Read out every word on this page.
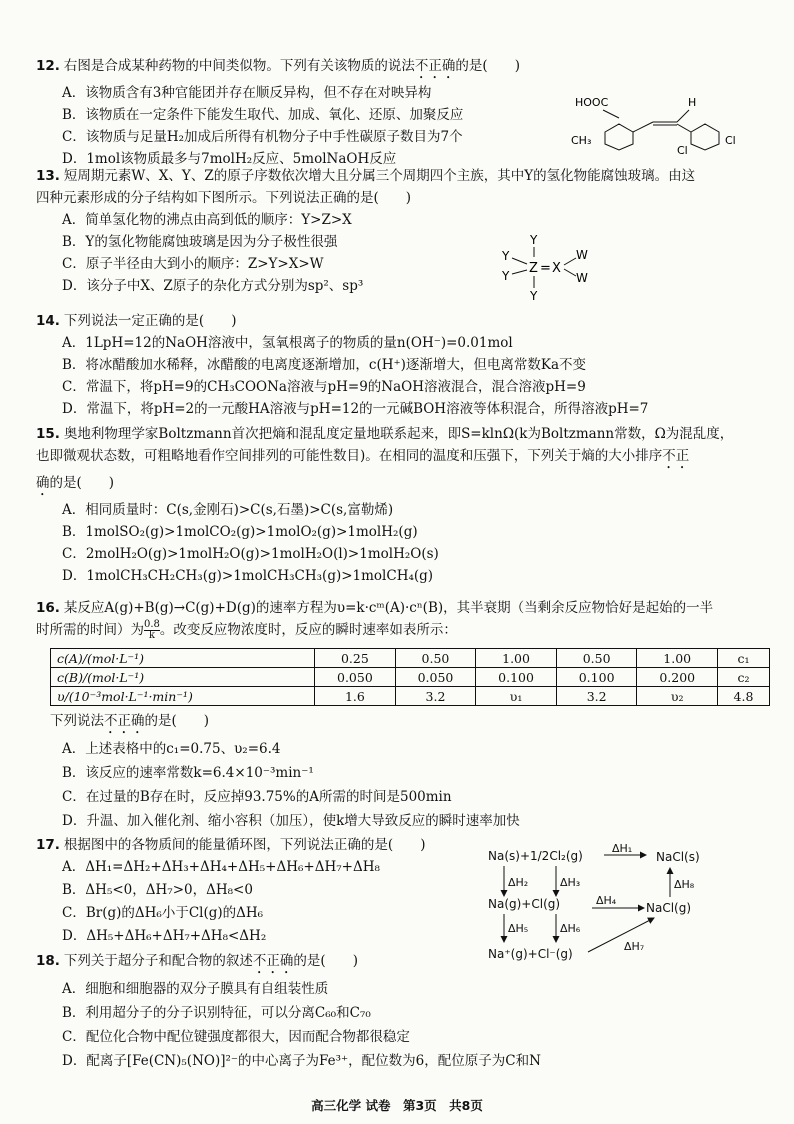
12. 右图是合成某种药物的中间类似物。下列有关该物质的说法不正确的是(　　)
A．该物质含有3种官能团并存在顺反异构，但不存在对映异构
B．该物质在一定条件下能发生取代、加成、氧化、还原、加聚反应
C．该物质与足量H₂加成后所得有机物分子中手性碳原子数目为7个
D．1mol该物质最多与7molH₂反应、5molNaOH反应
HOOC	H
CH₃
Cl
Cl
13. 短周期元素W、X、Y、Z的原子序数依次增大且分属三个周期四个主族，其中Y的氢化物能腐蚀玻璃。由这
四种元素形成的分子结构如下图所示。下列说法正确的是(　　)
A．简单氢化物的沸点由高到低的顺序：Y>Z>X
B．Y的氢化物能腐蚀玻璃是因为分子极性很强
C．原子半径由大到小的顺序：Z>Y>X>W
D．该分子中X、Z原子的杂化方式分别为sp²、sp³
Y
Y
Y Z = X
W
W
Y
14. 下列说法一定正确的是(　　)
A．1LpH=12的NaOH溶液中，氢氧根离子的物质的量n(OH⁻)=0.01mol
B．将冰醋酸加水稀释，冰醋酸的电离度逐渐增加，c(H⁺)逐渐增大，但电离常数Ka不变
C．常温下，将pH=9的CH₃COONa溶液与pH=9的NaOH溶液混合，混合溶液pH=9
D．常温下，将pH=2的一元酸HA溶液与pH=12的一元碱BOH溶液等体积混合，所得溶液pH=7
15. 奥地利物理学家Boltzmann首次把熵和混乱度定量地联系起来，即S=klnΩ(k为Boltzmann常数，Ω为混乱度，
也即微观状态数，可粗略地看作空间排列的可能性数目)。在相同的温度和压强下，下列关于熵的大小排序不正
确的是(　　)
A．相同质量时：C(s,金刚石)>C(s,石墨)>C(s,富勒烯)
B．1molSO₂(g)>1molCO₂(g)>1molO₂(g)>1molH₂(g)
C．2molH₂O(g)>1molH₂O(g)>1molH₂O(l)>1molH₂O(s)
D．1molCH₃CH₂CH₃(g)>1molCH₃CH₃(g)>1molCH₄(g)
16. 某反应A(g)+B(g)→C(g)+D(g)的速率方程为υ=k·cᵐ(A)·cⁿ(B)，其半衰期（当剩余反应物恰好是起始的一半
时所需的时间）为 $\frac{0.8}{k}$ 。改变反应物浓度时，反应的瞬时速率如表所示：
c(A)/(mol·L⁻¹)	0.25	0.50	1.00	0.50	1.00	c₁
c(B)/(mol·L⁻¹)	0.050	0.050	0.100	0.100	0.200	c₂
υ/(10⁻³mol·L⁻¹·min⁻¹)	1.6	3.2	υ₁	3.2	υ₂	4.8
下列说法不正确的是(　　)
A．上述表格中的c₁=0.75、υ₂=6.4
B．该反应的速率常数k=6.4×10⁻³min⁻¹
C．在过量的B存在时，反应掉93.75%的A所需的时间是500min
D．升温、加入催化剂、缩小容积（加压），使k增大导致反应的瞬时速率加快
17. 根据图中的各物质间的能量循环图，下列说法正确的是(　　)
A．ΔH₁=ΔH₂+ΔH₃+ΔH₄+ΔH₅+ΔH₆+ΔH₇+ΔH₈
B．ΔH₅<0，ΔH₇>0，ΔH₈<0
C．Br(g)的ΔH₆小于Cl(g)的ΔH₆
D．ΔH₅+ΔH₆+ΔH₇+ΔH₈<ΔH₂
Na(s)+1/2Cl₂(g)
ΔH₁
NaCl(s)
ΔH₂	ΔH₃	ΔH₈
Na(g)+Cl(g)	ΔH₄
NaCl(g)
ΔH₅	ΔH₆
Na⁺(g)+Cl⁻(g)
ΔH₇
18. 下列关于超分子和配合物的叙述不正确的是(　　)
A．细胞和细胞器的双分子膜具有自组装性质
B．利用超分子的分子识别特征，可以分离C₆₀和C₇₀
C．配位化合物中配位键强度都很大，因而配合物都很稳定
D．配离子[Fe(CN)₅(NO)]²⁻的中心离子为Fe³⁺，配位数为6，配位原子为C和N
高三化学 试卷　第3页　共8页
